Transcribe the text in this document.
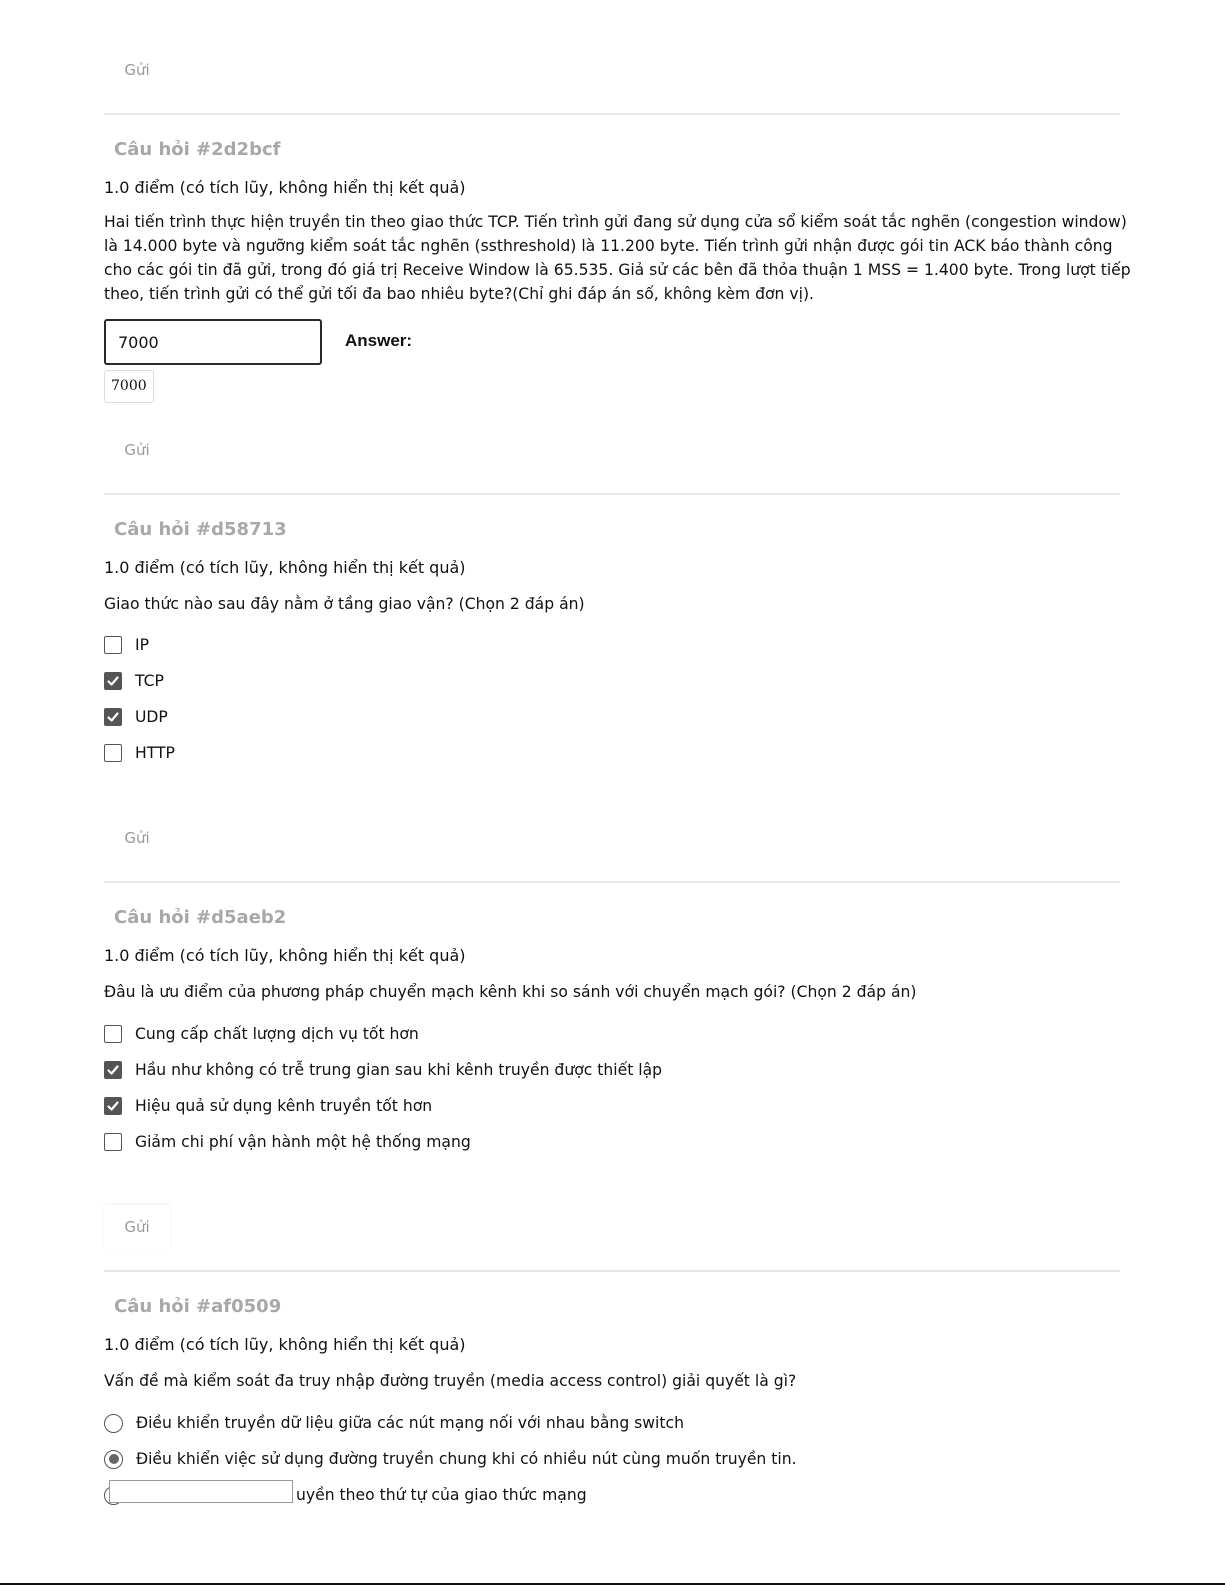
Gửi
Câu hỏi #2d2bcf
1.0 điểm (có tích lũy, không hiển thị kết quả)
Hai tiến trình thực hiện truyền tin theo giao thức TCP. Tiến trình gửi đang sử dụng cửa sổ kiểm soát tắc nghẽn (congestion window)
là 14.000 byte và ngưỡng kiểm soát tắc nghẽn (ssthreshold) là 11.200 byte. Tiến trình gửi nhận được gói tin ACK báo thành công
cho các gói tin đã gửi, trong đó giá trị Receive Window là 65.535. Giả sử các bên đã thỏa thuận 1 MSS = 1.400 byte. Trong lượt tiếp
theo, tiến trình gửi có thể gửi tối đa bao nhiêu byte?(Chỉ ghi đáp án số, không kèm đơn vị).
7000
Answer:
7000
Gửi
Câu hỏi #d58713
1.0 điểm (có tích lũy, không hiển thị kết quả)
Giao thức nào sau đây nằm ở tầng giao vận? (Chọn 2 đáp án)
IP
TCP
UDP
HTTP
Gửi
Câu hỏi #d5aeb2
1.0 điểm (có tích lũy, không hiển thị kết quả)
Đâu là ưu điểm của phương pháp chuyển mạch kênh khi so sánh với chuyển mạch gói? (Chọn 2 đáp án)
Cung cấp chất lượng dịch vụ tốt hơn
Hầu như không có trễ trung gian sau khi kênh truyền được thiết lập
Hiệu quả sử dụng kênh truyền tốt hơn
Giảm chi phí vận hành một hệ thống mạng
Gửi
Câu hỏi #af0509
1.0 điểm (có tích lũy, không hiển thị kết quả)
Vấn đề mà kiểm soát đa truy nhập đường truyền (media access control) giải quyết là gì?
Điều khiển truyền dữ liệu giữa các nút mạng nối với nhau bằng switch
Điều khiển việc sử dụng đường truyền chung khi có nhiều nút cùng muốn truyền tin.
uyền theo thứ tự của giao thức mạng
